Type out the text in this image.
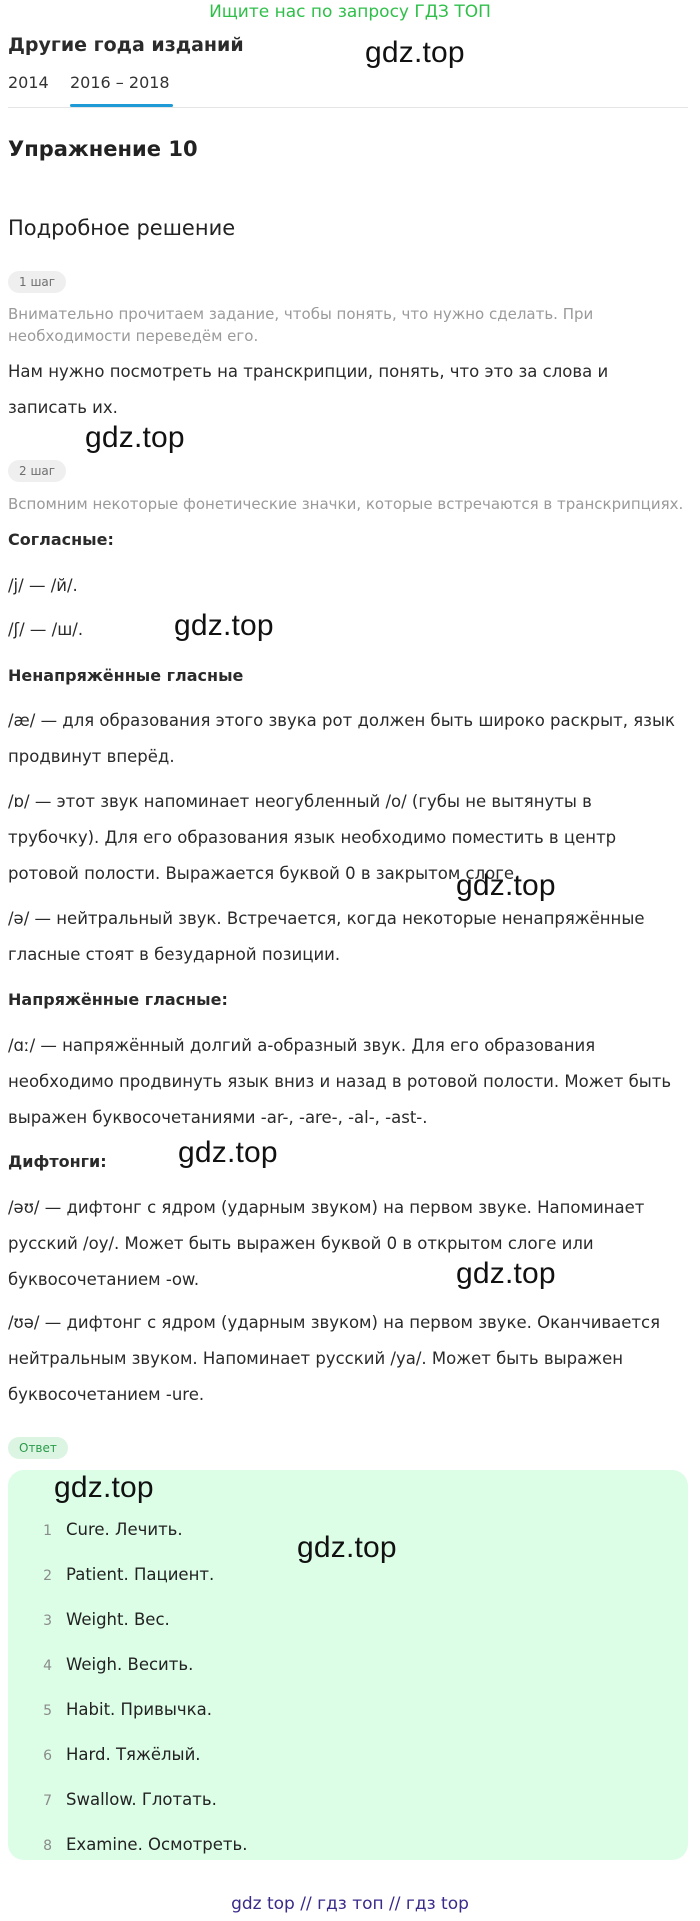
Ищите нас по запросу ГДЗ ТОП
Другие года изданий
2014 2016 – 2018
Упражнение 10
Подробное решение
1 шаг
Внимательно прочитаем задание, чтобы понять, что нужно сделать. При необходимости переведём его.
Нам нужно посмотреть на транскрипции, понять, что это за слова и записать их.
2 шаг
Вспомним некоторые фонетические значки, которые встречаются в транскрипциях.
Согласные:
/j/ — /й/.
/ʃ/ — /ш/.
Ненапряжённые гласные
/æ/ — для образования этого звука рот должен быть широко раскрыт, язык продвинут вперёд.
/ɒ/ — этот звук напоминает неогубленный /о/ (губы не вытянуты в трубочку). Для его образования язык необходимо поместить в центр ротовой полости. Выражается буквой 0 в закрытом слоге.
/ə/ — нейтральный звук. Встречается, когда некоторые ненапряжённые гласные стоят в безударной позиции.
Напряжённые гласные:
/ɑː/ — напряжённый долгий а-образный звук. Для его образования необходимо продвинуть язык вниз и назад в ротовой полости. Может быть выражен буквосочетаниями -ar-, -are-, -al-, -ast-.
Дифтонги:
/əʊ/ — дифтонг с ядром (ударным звуком) на первом звуке. Напоминает русский /оу/. Может быть выражен буквой 0 в открытом слоге или буквосочетанием -ow.
/ʊə/ — дифтонг с ядром (ударным звуком) на первом звуке. Оканчивается нейтральным звуком. Напоминает русский /уа/. Может быть выражен буквосочетанием -ure.
Ответ
1 Cure. Лечить.
2 Patient. Пациент.
3 Weight. Вес.
4 Weigh. Весить.
5 Habit. Привычка.
6 Hard. Тяжёлый.
7 Swallow. Глотать.
8 Examine. Осмотреть.
gdz.top
gdz.top
gdz.top
gdz.top
gdz.top
gdz.top
gdz.top
gdz.top
gdz top // гдз топ // гдз top
